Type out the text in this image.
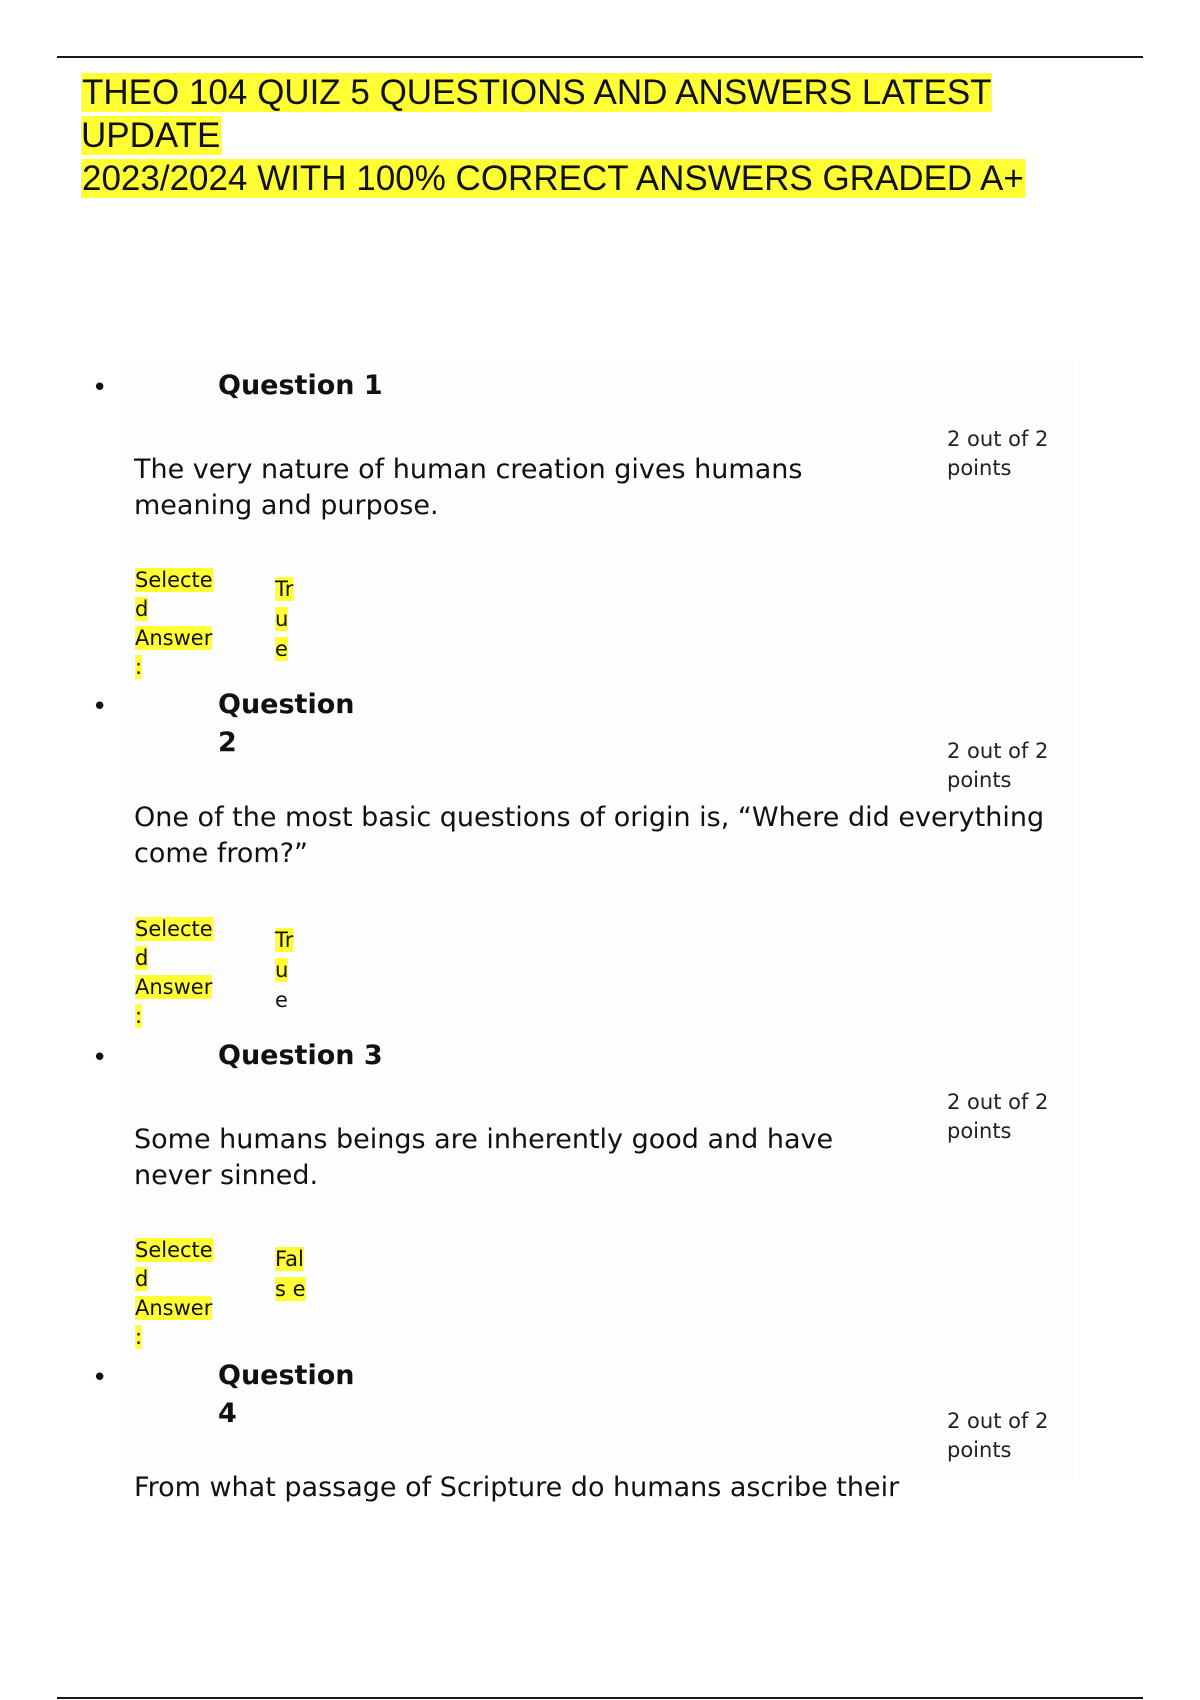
THEO 104 QUIZ 5 QUESTIONS AND ANSWERS LATEST UPDATE
2023/2024 WITH 100% CORRECT ANSWERS GRADED A+
•	Question 1
2 out of 2
points
The very nature of human creation gives humans
meaning and purpose.
Selecte
d
Answer
:
Tr
u
e
•	Question
2	2 out of 2
points
One of the most basic questions of origin is, “Where did everything
come from?”
Selecte
d
Answer
:
Tr
u
e
•	Question 3
2 out of 2
points
Some humans beings are inherently good and have
never sinned.
Selecte
d
Answer
:
Fal
s e
•	Question
4	2 out of 2
points
From what passage of Scripture do humans ascribe their
